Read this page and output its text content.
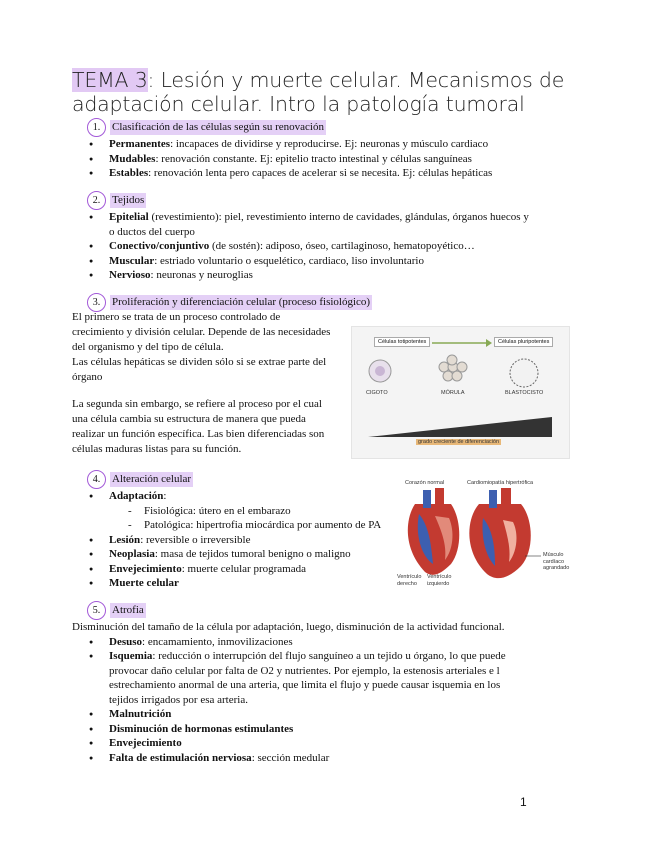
TEMA 3: Lesión y muerte celular. Mecanismos de adaptación celular. Intro la patología tumoral
1.	Clasificación de las células según su renovación
● Permanentes: incapaces de dividirse y reproducirse. Ej: neuronas y músculo cardiaco
● Mudables: renovación constante. Ej: epitelio tracto intestinal y células sanguíneas
● Estables: renovación lenta pero capaces de acelerar si se necesita. Ej: células hepáticas
2.	Tejidos
● Epitelial (revestimiento): piel, revestimiento interno de cavidades, glándulas, órganos huecos y o ductos del cuerpo
● Conectivo/conjuntivo (de sostén): adiposo, óseo, cartilaginoso, hematopoyético…
● Muscular: estriado voluntario o esquelético, cardiaco, liso involuntario
● Nervioso: neuronas y neuroglias
3.	Proliferación y diferenciación celular (proceso fisiológico)
El primero se trata de un proceso controlado de crecimiento y división celular. Depende de las necesidades del organismo y del tipo de célula.
Las células hepáticas se dividen sólo si se extrae parte del órgano
La segunda sin embargo, se refiere al proceso por el cual una célula cambia su estructura de manera que pueda realizar un función específica. Las bien diferenciadas son células maduras listas para su función.
Células totipotentes	Células pluripotentes
CIGOTO	MÓRULA	BLASTOCISTO
grado creciente de diferenciación
4.	Alteración celular
● Adaptación:
- Fisiológica: útero en el embarazo
- Patológica: hipertrofia miocárdica por aumento de PA
● Lesión: reversible o irreversible
● Neoplasia: masa de tejidos tumoral benigno o maligno
● Envejecimiento: muerte celular programada
● Muerte celular
Corazón normal	Cardiomiopatía hipertrófica
Ventrículo derecho
Ventrículo izquierdo
Músculo cardíaco agrandado
5.	Atrofia
Disminución del tamaño de la célula por adaptación, luego, disminución de la actividad funcional.
● Desuso: encamamiento, inmovilizaciones
● Isquemia: reducción o interrupción del flujo sanguíneo a un tejido u órgano, lo que puede provocar daño celular por falta de O2 y nutrientes. Por ejemplo, la estenosis arteriales e l estrechamiento anormal de una arteria, que limita el flujo y puede causar isquemia en los tejidos irrigados por esa arteria.
● Malnutrición
● Disminución de hormonas estimulantes
● Envejecimiento
● Falta de estimulación nerviosa: sección medular
1
